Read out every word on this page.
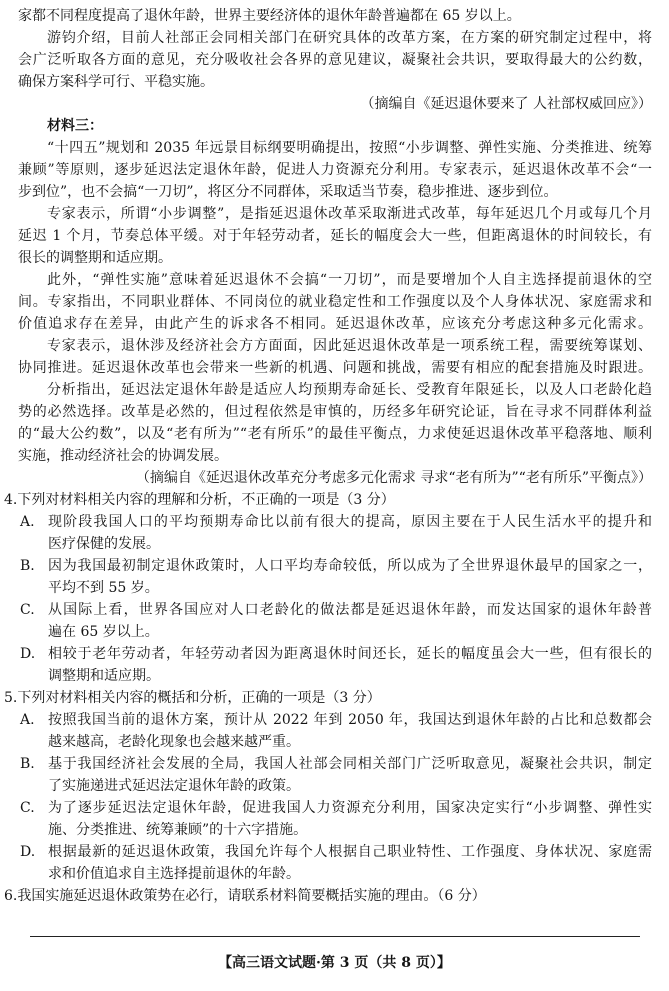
家都不同程度提高了退休年龄，世界主要经济体的退休年龄普遍都在 65 岁以上。
游钧介绍，目前人社部正会同相关部门在研究具体的改革方案，在方案的研究制定过程中，将
会广泛听取各方面的意见，充分吸收社会各界的意见建议，凝聚社会共识，要取得最大的公约数，
确保方案科学可行、平稳实施。
（摘编自《延迟退休要来了 人社部权威回应》）
材料三：
“十四五”规划和 2035 年远景目标纲要明确提出，按照“小步调整、弹性实施、分类推进、统筹
兼顾”等原则，逐步延迟法定退休年龄，促进人力资源充分利用。专家表示，延迟退休改革不会“一
步到位”，也不会搞“一刀切”，将区分不同群体，采取适当节奏，稳步推进、逐步到位。
专家表示，所谓“小步调整”，是指延迟退休改革采取渐进式改革，每年延迟几个月或每几个月
延迟 1 个月，节奏总体平缓。对于年轻劳动者，延长的幅度会大一些，但距离退休的时间较长，有
很长的调整期和适应期。
此外，“弹性实施”意味着延迟退休不会搞“一刀切”，而是要增加个人自主选择提前退休的空
间。专家指出，不同职业群体、不同岗位的就业稳定性和工作强度以及个人身体状况、家庭需求和
价值追求存在差异，由此产生的诉求各不相同。延迟退休改革，应该充分考虑这种多元化需求。
专家表示，退休涉及经济社会方方面面，因此延迟退休改革是一项系统工程，需要统筹谋划、
协同推进。延迟退休改革也会带来一些新的机遇、问题和挑战，需要有相应的配套措施及时跟进。
分析指出，延迟法定退休年龄是适应人均预期寿命延长、受教育年限延长，以及人口老龄化趋
势的必然选择。改革是必然的，但过程依然是审慎的，历经多年研究论证，旨在寻求不同群体利益
的“最大公约数”，以及“老有所为”“老有所乐”的最佳平衡点，力求使延迟退休改革平稳落地、顺利
实施，推动经济社会的协调发展。
（摘编自《延迟退休改革充分考虑多元化需求 寻求“老有所为”“老有所乐”平衡点》）
4.下列对材料相关内容的理解和分析，不正确的一项是（3 分）
A. 现阶段我国人口的平均预期寿命比以前有很大的提高，原因主要在于人民生活水平的提升和
医疗保健的发展。
B. 因为我国最初制定退休政策时，人口平均寿命较低，所以成为了全世界退休最早的国家之一，
平均不到 55 岁。
C. 从国际上看，世界各国应对人口老龄化的做法都是延迟退休年龄，而发达国家的退休年龄普
遍在 65 岁以上。
D. 相较于老年劳动者，年轻劳动者因为距离退休时间还长，延长的幅度虽会大一些，但有很长的
调整期和适应期。
5.下列对材料相关内容的概括和分析，正确的一项是（3 分）
A. 按照我国当前的退休方案，预计从 2022 年到 2050 年，我国达到退休年龄的占比和总数都会
越来越高，老龄化现象也会越来越严重。
B. 基于我国经济社会发展的全局，我国人社部会同相关部门广泛听取意见，凝聚社会共识，制定
了实施递进式延迟法定退休年龄的政策。
C. 为了逐步延迟法定退休年龄，促进我国人力资源充分利用，国家决定实行“小步调整、弹性实
施、分类推进、统筹兼顾”的十六字措施。
D. 根据最新的延迟退休政策，我国允许每个人根据自己职业特性、工作强度、身体状况、家庭需
求和价值追求自主选择提前退休的年龄。
6.我国实施延迟退休政策势在必行，请联系材料简要概括实施的理由。（6 分）
【高三语文试题·第 3 页（共 8 页）】
